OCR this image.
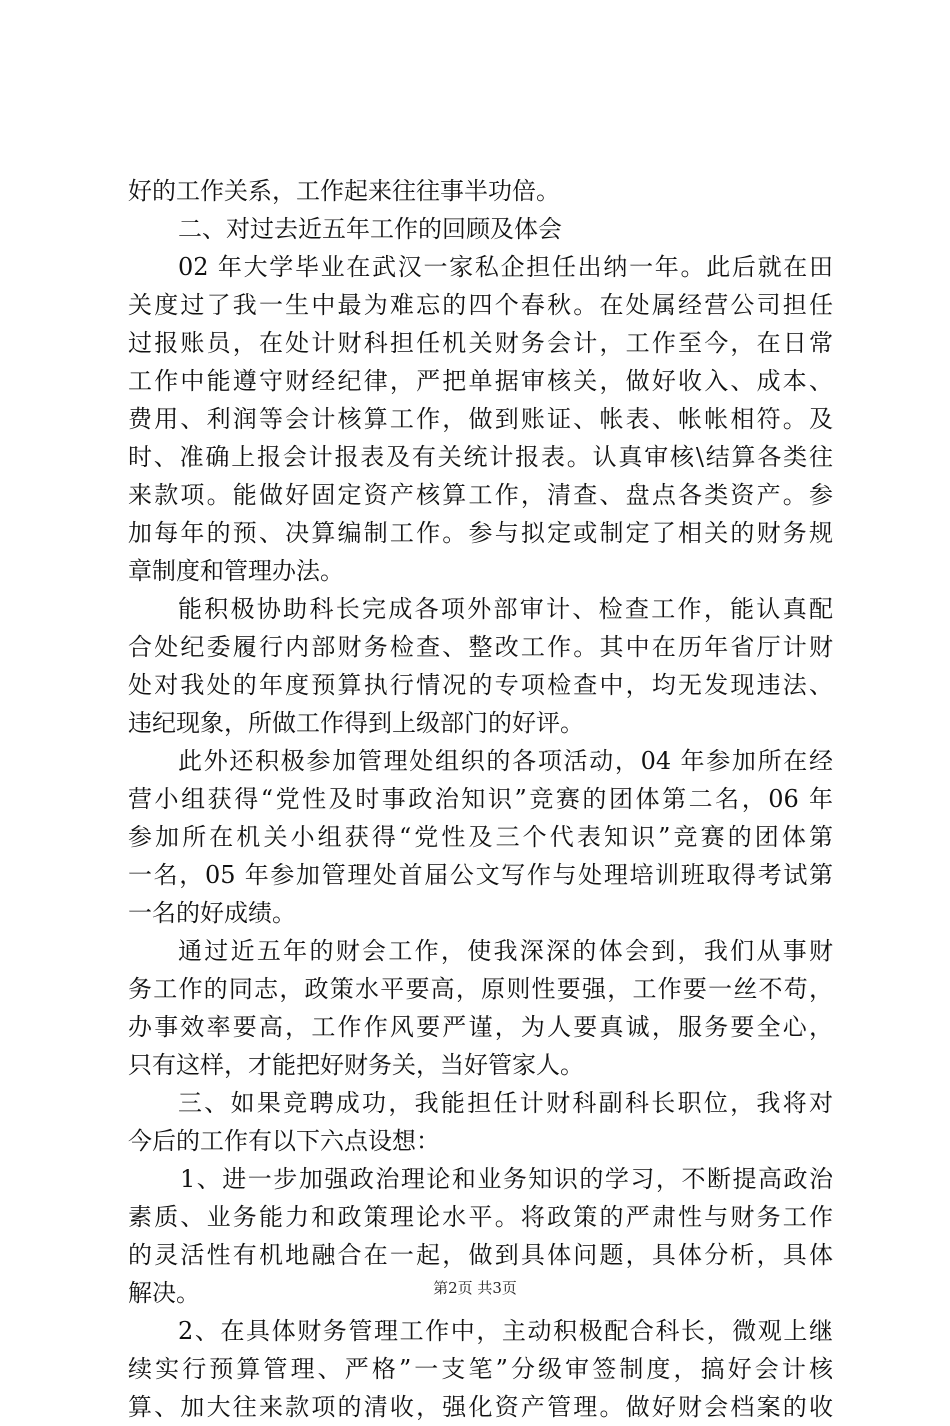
好的工作关系，工作起来往往事半功倍。
二、对过去近五年工作的回顾及体会
02 年大学毕业在武汉一家私企担任出纳一年。此后就在田
关度过了我一生中最为难忘的四个春秋。在处属经营公司担任
过报账员，在处计财科担任机关财务会计，工作至今，在日常
工作中能遵守财经纪律，严把单据审核关，做好收入、成本、
费用、利润等会计核算工作，做到账证、帐表、帐帐相符。及
时、准确上报会计报表及有关统计报表。认真审核\结算各类往
来款项。能做好固定资产核算工作，清查、盘点各类资产。参
加每年的预、决算编制工作。参与拟定或制定了相关的财务规
章制度和管理办法。
能积极协助科长完成各项外部审计、检查工作，能认真配
合处纪委履行内部财务检查、整改工作。其中在历年省厅计财
处对我处的年度预算执行情况的专项检查中，均无发现违法、
违纪现象，所做工作得到上级部门的好评。
此外还积极参加管理处组织的各项活动，04 年参加所在经
营小组获得“党性及时事政治知识”竞赛的团体第二名，06 年
参加所在机关小组获得“党性及三个代表知识”竞赛的团体第
一名，05 年参加管理处首届公文写作与处理培训班取得考试第
一名的好成绩。
通过近五年的财会工作，使我深深的体会到，我们从事财
务工作的同志，政策水平要高，原则性要强，工作要一丝不苟，
办事效率要高，工作作风要严谨，为人要真诚，服务要全心，
只有这样，才能把好财务关，当好管家人。
三、如果竞聘成功，我能担任计财科副科长职位，我将对
今后的工作有以下六点设想：
1、进一步加强政治理论和业务知识的学习，不断提高政治
素质、业务能力和政策理论水平。将政策的严肃性与财务工作
的灵活性有机地融合在一起，做到具体问题，具体分析，具体
解决。
2、在具体财务管理工作中，主动积极配合科长，微观上继
续实行预算管理、严格”一支笔”分级审签制度，搞好会计核
算、加大往来款项的清收，强化资产管理。做好财会档案的收
第2页 共3页
